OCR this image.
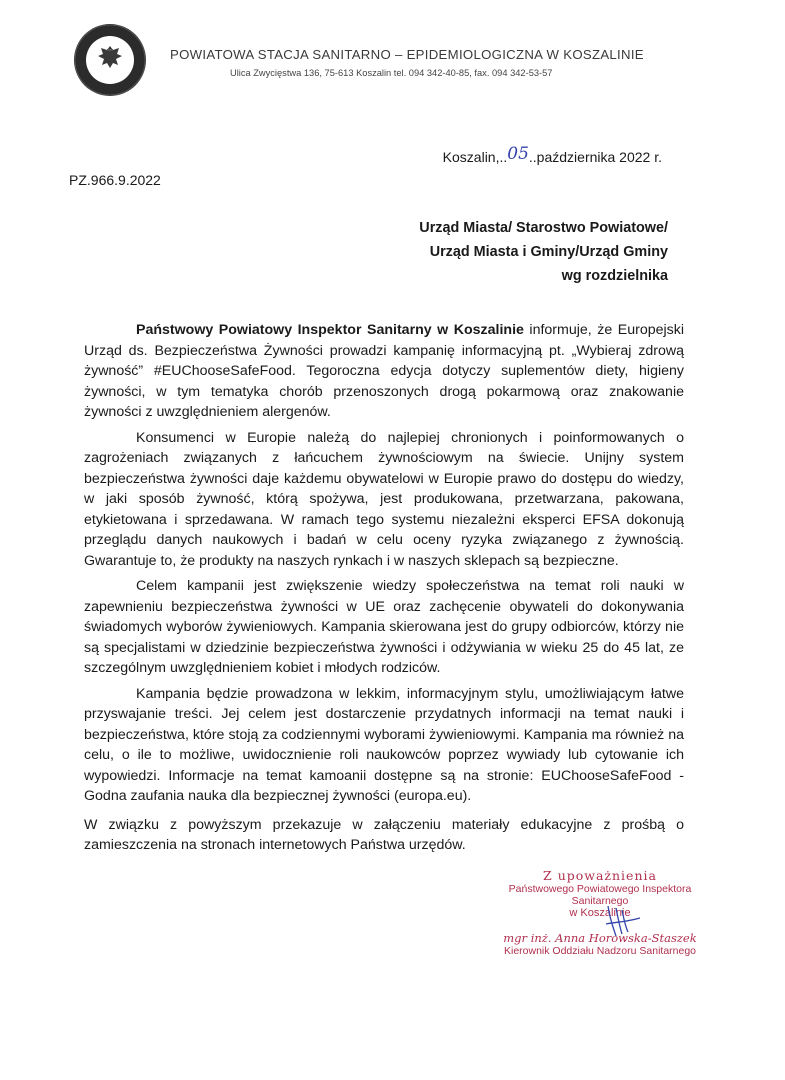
POWIATOWA STACJA SANITARNO – EPIDEMIOLOGICZNA W KOSZALINIE
Ulica Zwycięstwa 136, 75-613 Koszalin tel. 094 342-40-85, fax. 094 342-53-57
Koszalin,..05..października 2022 r.
PZ.966.9.2022
Urząd Miasta/ Starostwo Powiatowe/
Urząd Miasta i Gminy/Urząd Gminy
wg rozdzielnika

Państwowy Powiatowy Inspektor Sanitarny w Koszalinie informuje, że Europejski Urząd ds. Bezpieczeństwa Żywności prowadzi kampanię informacyjną pt. „Wybieraj zdrową żywność” #EUChooseSafeFood. Tegoroczna edycja dotyczy suplementów diety, higieny żywności, w tym tematyka chorób przenoszonych drogą pokarmową oraz znakowanie żywności z uwzględnieniem alergenów.

Konsumenci w Europie należą do najlepiej chronionych i poinformowanych o zagrożeniach związanych z łańcuchem żywnościowym na świecie. Unijny system bezpieczeństwa żywności daje każdemu obywatelowi w Europie prawo do dostępu do wiedzy, w jaki sposób żywność, którą spożywa, jest produkowana, przetwarzana, pakowana, etykietowana i sprzedawana. W ramach tego systemu niezależni eksperci EFSA dokonują przeglądu danych naukowych i badań w celu oceny ryzyka związanego z żywnością. Gwarantuje to, że produkty na naszych rynkach i w naszych sklepach są bezpieczne.

Celem kampanii jest zwiększenie wiedzy społeczeństwa na temat roli nauki w zapewnieniu bezpieczeństwa żywności w UE oraz zachęcenie obywateli do dokonywania świadomych wyborów żywieniowych. Kampania skierowana jest do grupy odbiorców, którzy nie są specjalistami w dziedzinie bezpieczeństwa żywności i odżywiania w wieku 25 do 45 lat, ze szczególnym uwzględnieniem kobiet i młodych rodziców.

Kampania będzie prowadzona w lekkim, informacyjnym stylu, umożliwiającym łatwe przyswajanie treści. Jej celem jest dostarczenie przydatnych informacji na temat nauki i bezpieczeństwa, które stoją za codziennymi wyborami żywieniowymi. Kampania ma również na celu, o ile to możliwe, uwidocznienie roli naukowców poprzez wywiady lub cytowanie ich wypowiedzi. Informacje na temat kamoanii dostępne są na stronie: EUChooseSafeFood - Godna zaufania nauka dla bezpiecznej żywności (europa.eu).

W związku z powyższym przekazuje w załączeniu materiały edukacyjne z prośbą o zamieszczenia na stronach internetowych Państwa urzędów.

Z upoważnienia
Państwowego Powiatowego Inspektora Sanitarnego
w Koszalinie
mgr inż. Anna Horowska-Staszek
Kierownik Oddziału Nadzoru Sanitarnego
